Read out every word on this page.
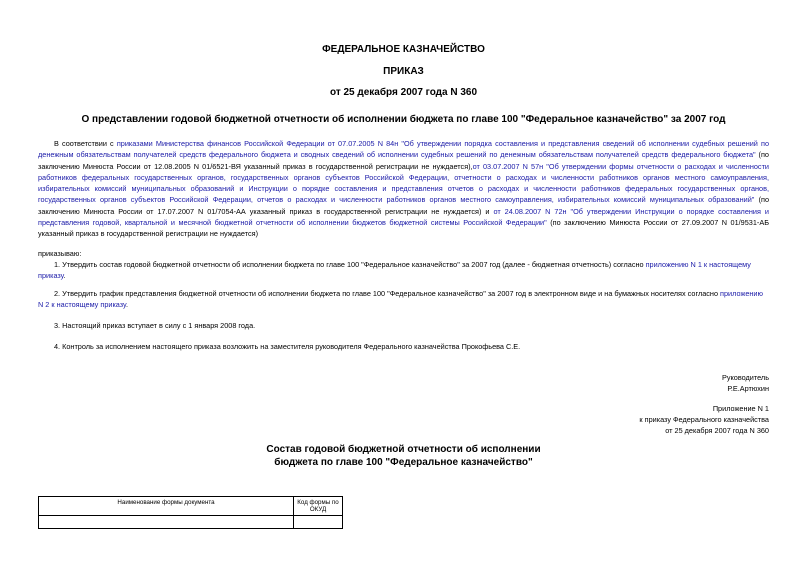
ФЕДЕРАЛЬНОЕ КАЗНАЧЕЙСТВО
ПРИКАЗ
от 25 декабря 2007 года N 360
О представлении годовой бюджетной отчетности об исполнении бюджета по главе 100 "Федеральное казначейство" за 2007 год
В соответствии с приказами Министерства финансов Российской Федерации от 07.07.2005 N 84н "Об утверждении порядка составления и представления сведений об исполнении судебных решений по денежным обязательствам получателей средств федерального бюджета и сводных сведений об исполнении судебных решений по денежным обязательствам получателей средств федерального бюджета" (по заключению Минюста России от 12.08.2005 N 01/6521-ВЯ указанный приказ в государственной регистрации не нуждается),от 03.07.2007 N 57н "Об утверждении формы отчетности о расходах и численности работников федеральных государственных органов, государственных органов субъектов Российской Федерации, отчетности о расходах и численности работников органов местного самоуправления, избирательных комиссий муниципальных образований и Инструкции о порядке составления и представления отчетов о расходах и численности работников федеральных государственных органов, государственных органов субъектов Российской Федерации, отчетов о расходах и численности работников органов местного самоуправления, избирательных комиссий муниципальных образований" (по заключению Минюста России от 17.07.2007 N 01/7054-АА указанный приказ в государственной регистрации не нуждается) и от 24.08.2007 N 72н "Об утверждении Инструкции о порядке составления и представления годовой, квартальной и месячной бюджетной отчетности об исполнении бюджетов бюджетной системы Российской Федерации" (по заключению Минюста России от 27.09.2007 N 01/9531-АБ указанный приказ в государственной регистрации не нуждается)
приказываю:
1. Утвердить состав годовой бюджетной отчетности об исполнении бюджета по главе 100 "Федеральное казначейство" за 2007 год (далее - бюджетная отчетность) согласно приложению N 1 к настоящему приказу.
2. Утвердить график представления бюджетной отчетности об исполнении бюджета по главе 100 "Федеральное казначейство" за 2007 год в электронном виде и на бумажных носителях согласно приложению N 2 к настоящему приказу.
3. Настоящий приказ вступает в силу с 1 января 2008 года.
4. Контроль за исполнением настоящего приказа возложить на заместителя руководителя Федерального казначейства Прокофьева С.Е.
Руководитель
Р.Е.Артюхин
Приложение N 1
к приказу Федерального казначейства
от 25 декабря 2007 года N 360
Состав годовой бюджетной отчетности об исполнении
бюджета по главе 100 "Федеральное казначейство"
Наименование формы документа	Код формы по ОКУД
